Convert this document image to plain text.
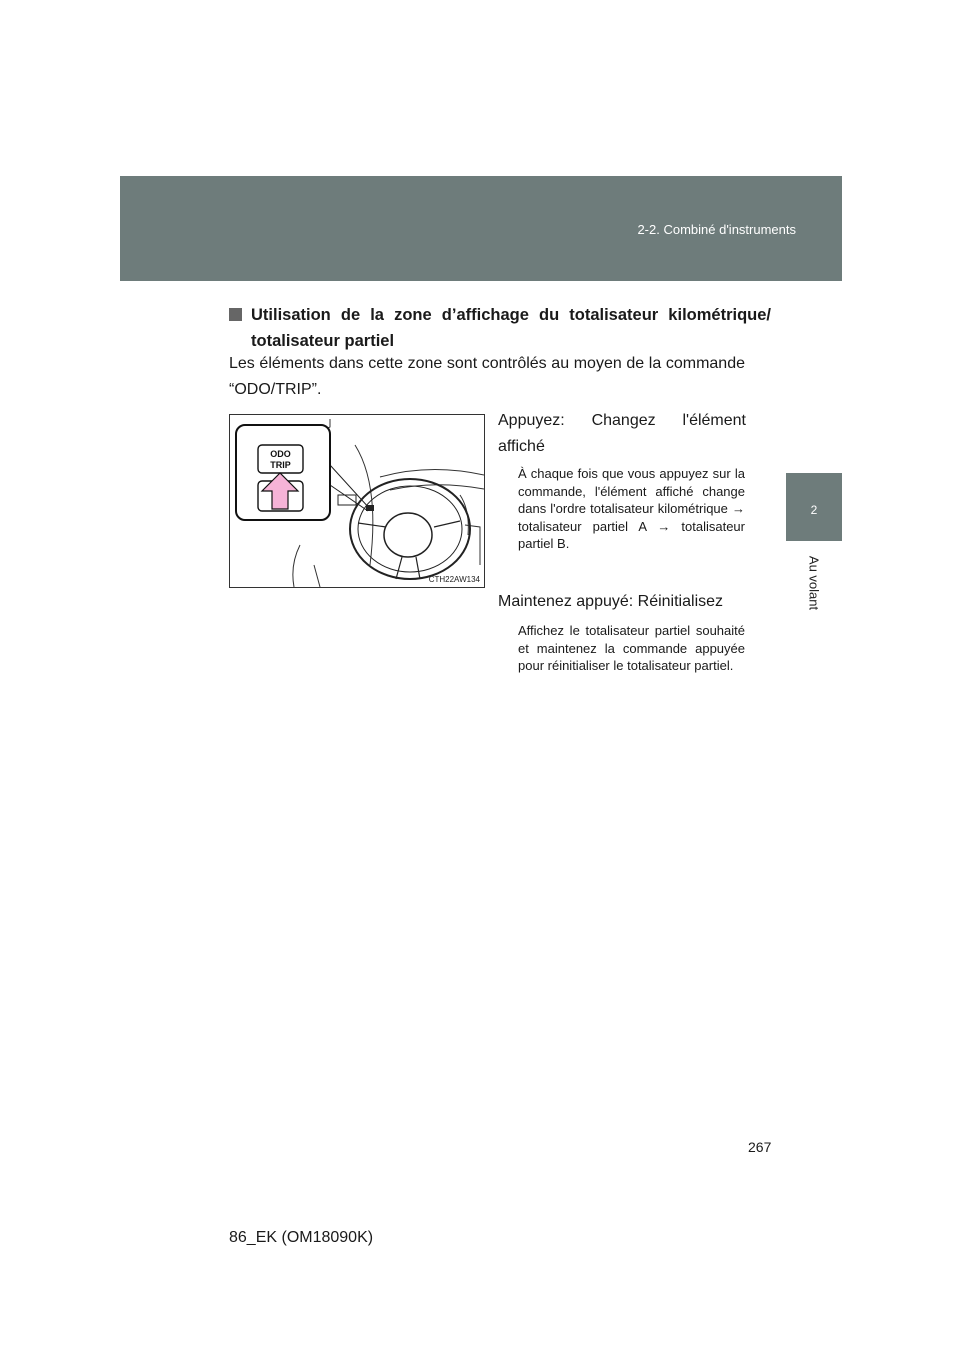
2-2. Combiné d'instruments
2
Au volant
Utilisation de la zone d’affichage du totalisateur kilométrique/ totalisateur partiel
Les éléments dans cette zone sont contrôlés au moyen de la commande “ODO/TRIP”.
ODO
TRIP
CTH22AW134
Appuyez: Changez l'élément affiché
À chaque fois que vous appuyez sur la commande, l'élément affiché change dans l'ordre totalisateur kilométrique → totalisateur partiel A → totalisateur partiel B.
Maintenez appuyé: Réinitialisez
Affichez le totalisateur partiel souhaité et maintenez la commande appuyée pour réinitialiser le totalisateur partiel.
267
86_EK (OM18090K)
